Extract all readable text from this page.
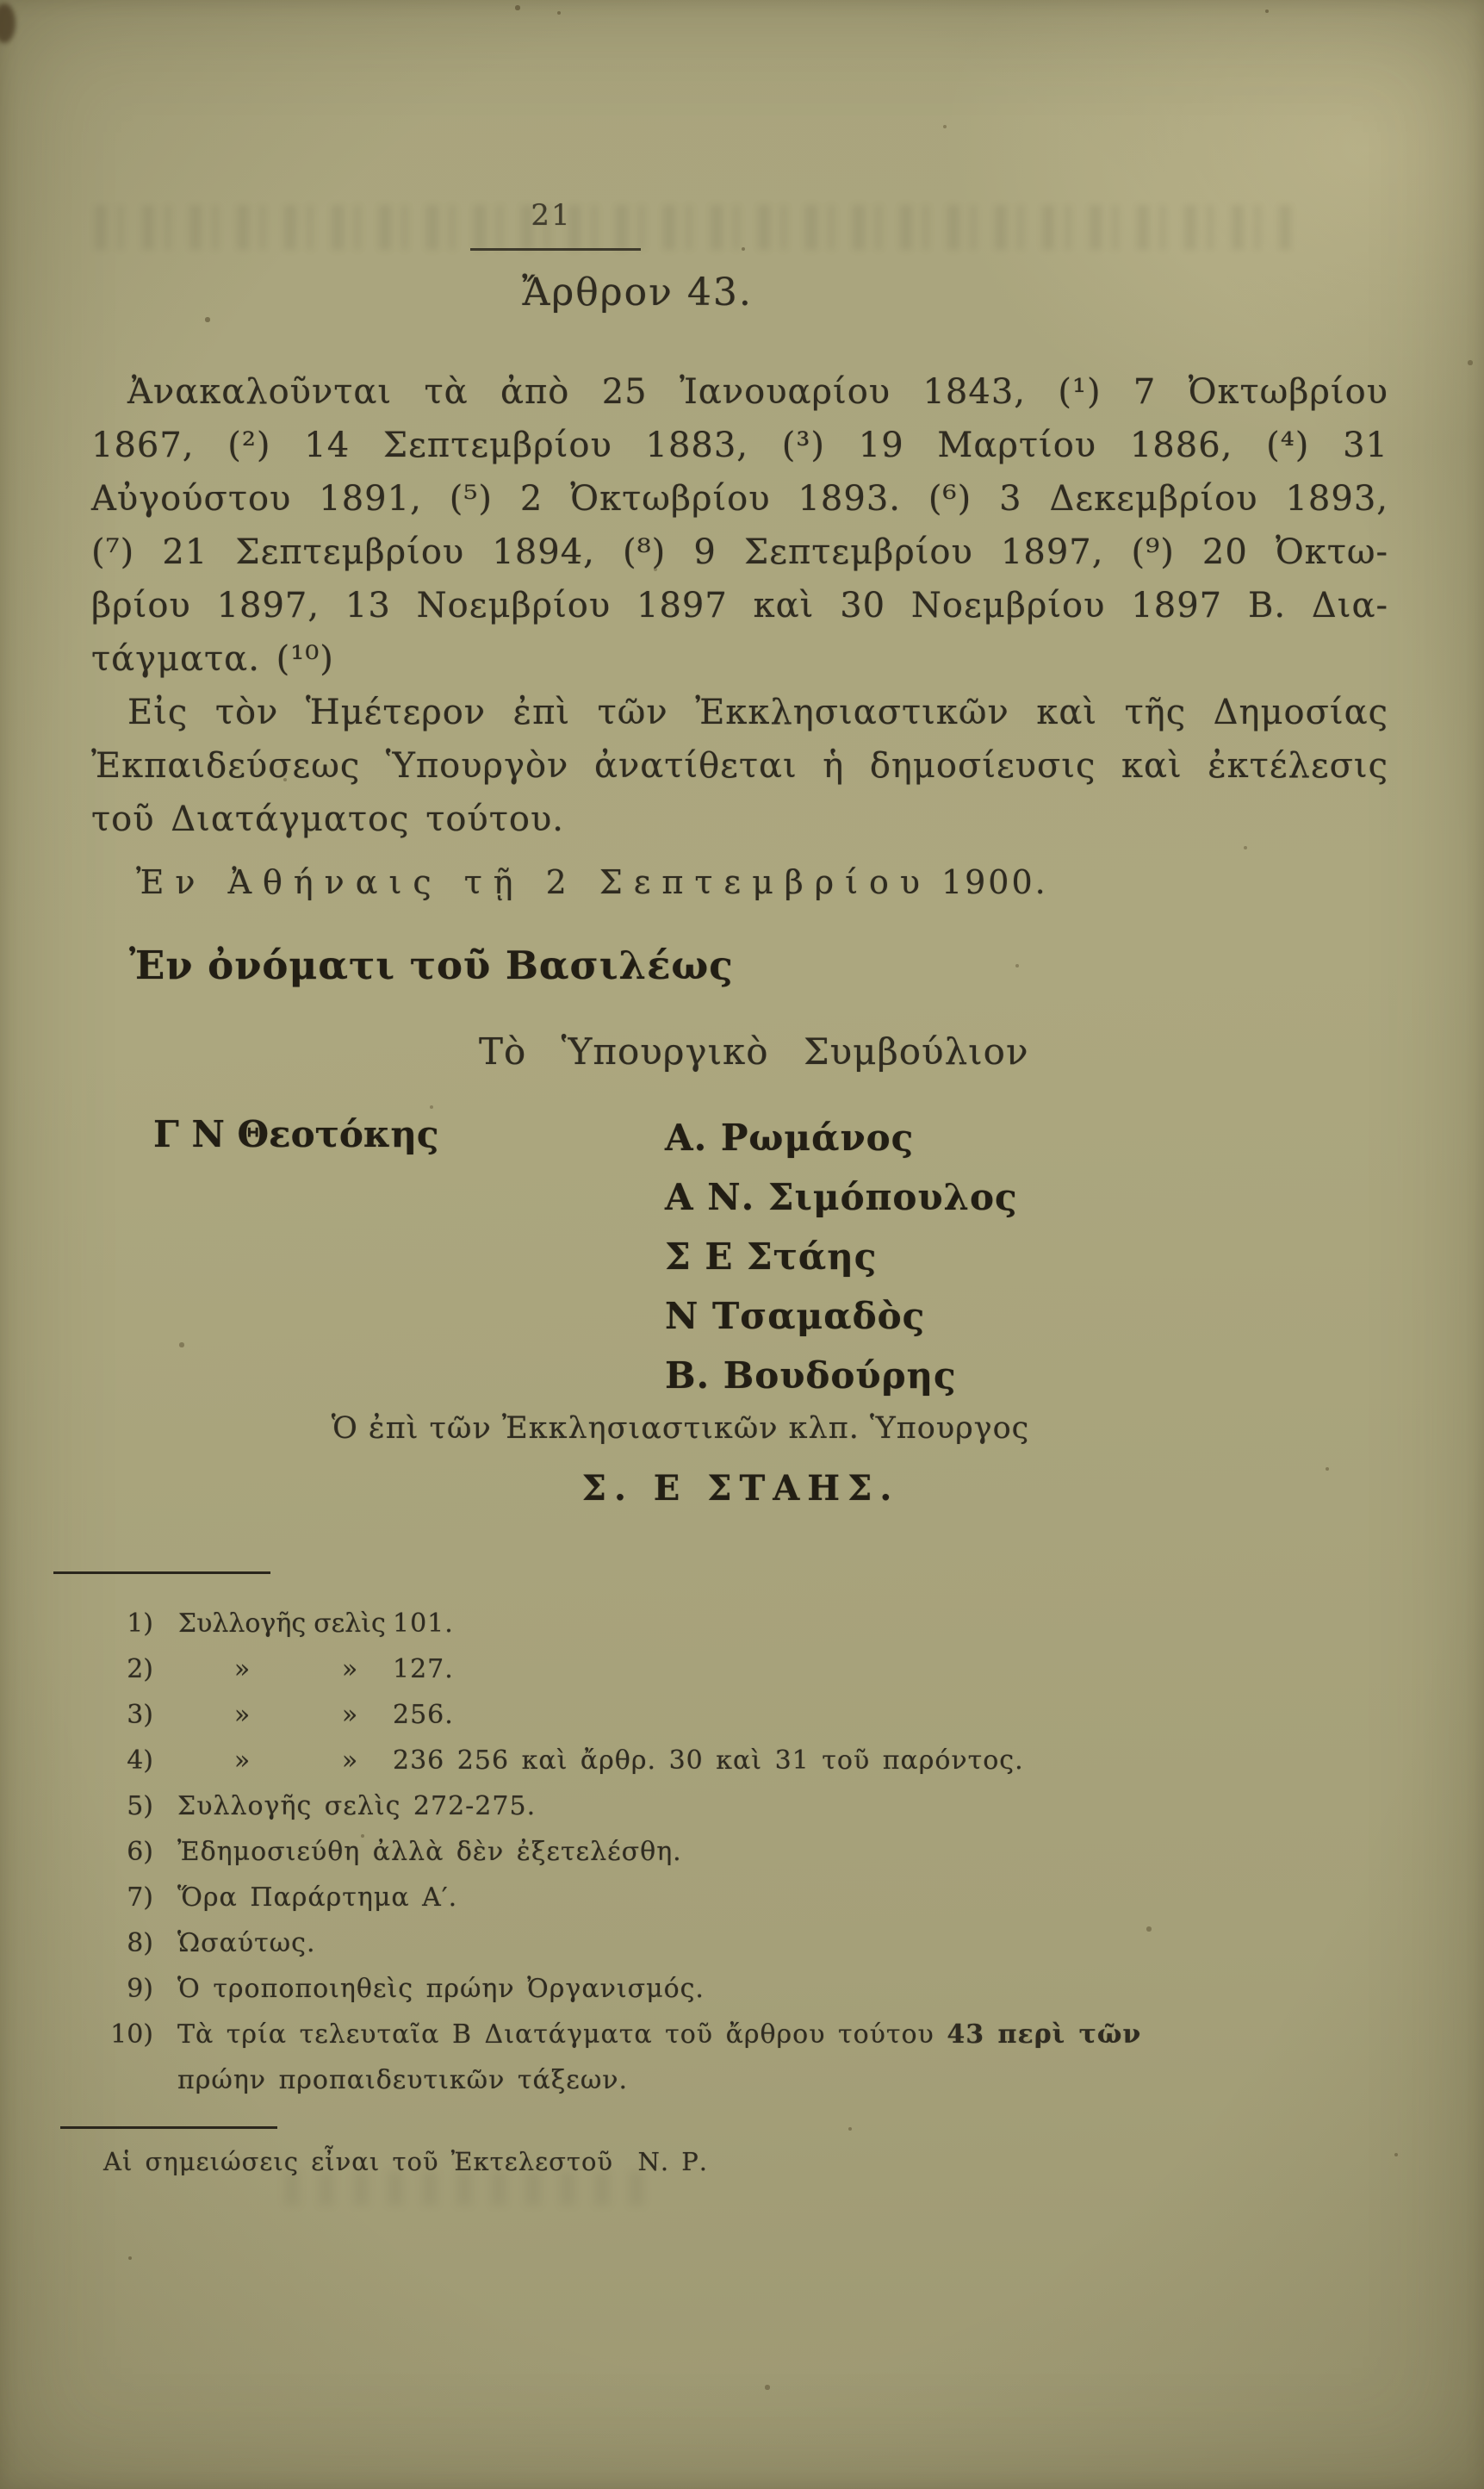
21
Ἄρθρον 43.
Ἀνακαλοῦνται τὰ ἀπὸ 25 Ἰανουαρίου 1843, (¹) 7 Ὀκτωβρίου
1867, (²) 14 Σεπτεμβρίου 1883, (³) 19 Μαρτίου 1886, (⁴) 31
Αὐγούστου 1891, (⁵) 2 Ὀκτωβρίου 1893. (⁶) 3 Δεκεμβρίου 1893,
(⁷) 21 Σεπτεμβρίου 1894, (⁸) 9 Σεπτεμβρίου 1897, (⁹) 20 Ὀκτω-
βρίου 1897, 13 Νοεμβρίου 1897 καὶ 30 Νοεμβρίου 1897 Β. Δια-
τάγματα. (¹⁰)
Εἰς τὸν Ἡμέτερον ἐπὶ τῶν Ἐκκλησιαστικῶν καὶ τῆς Δημοσίας
Ἐκπαιδεύσεως Ὑπουργὸν ἀνατίθεται ἡ δημοσίευσις καὶ ἐκτέλεσις
τοῦ Διατάγματος τούτου.
Ἐν Ἀθήναις τῇ 2 Σεπτεμβρίου 1900.
Ἐν ὀνόματι τοῦ Βασιλέως
Τὸ Ὑπουργικὸ Συμβούλιον
Γ Ν Θεοτόκης	Α. Ρωμάνος
Α Ν. Σιμόπουλος
Σ Ε Στάης
Ν Τσαμαδὸς
Β. Βουδούρης
Ὁ ἐπὶ τῶν Ἐκκλησιαστικῶν κλπ. Ὑπουργος
Σ. Ε ΣΤΑΗΣ.
1) Συλλογῆς σελὶς 101.
2)	»	» 127.
3)	»	» 256.
4)	»	» 236 256 καὶ ἄρθρ. 30 καὶ 31 τοῦ παρόντος.
5) Συλλογῆς σελὶς 272-275.
6) Ἐδημοσιεύθη ἀλλὰ δὲν ἐξετελέσθη.
7) Ὅρα Παράρτημα Α′.
8) Ὡσαύτως.
9) Ὁ τροποποιηθεὶς πρώην Ὀργανισμός.
10) Τὰ τρία τελευταῖα Β Διατάγματα τοῦ ἄρθρου τούτου 43 περὶ τῶν
πρώην προπαιδευτικῶν τάξεων.
Αἱ σημειώσεις εἶναι τοῦ Ἐκτελεστοῦ  Ν. Ρ.
